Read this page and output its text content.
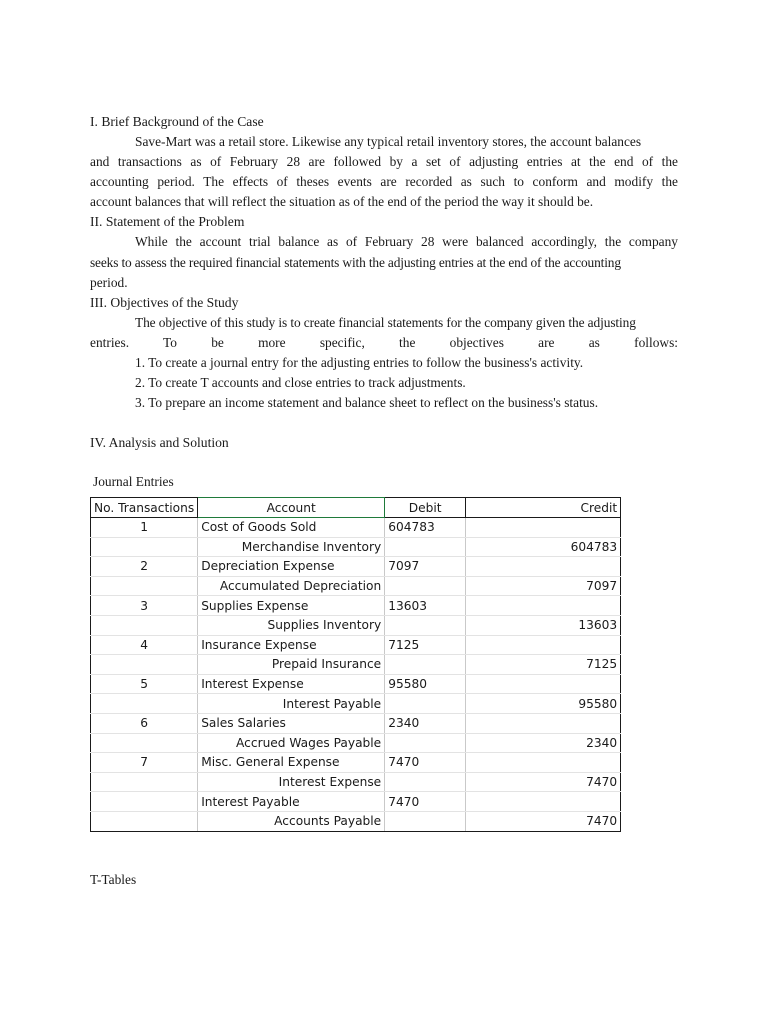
I. Brief Background of the Case
Save-Mart was a retail store. Likewise any typical retail inventory stores, the account balances
and transactions as of February 28 are followed by a set of adjusting entries at the end of the
accounting period. The effects of theses events are recorded as such to conform and modify the
account balances that will reflect the situation as of the end of the period the way it should be.
II. Statement of the Problem
While the account trial balance as of February 28 were balanced accordingly, the company
seeks to assess the required financial statements with the adjusting entries at the end of the accounting
period.
III. Objectives of the Study
The objective of this study is to create financial statements for the company given the adjusting
entries. To be more specific, the objectives are as follows:
1. To create a journal entry for the adjusting entries to follow the business's activity.
2. To create T accounts and close entries to track adjustments.
3. To prepare an income statement and balance sheet to reflect on the business's status.
IV. Analysis and Solution
Journal Entries
No. Transactions	Account	Debit	Credit
1	Cost of Goods Sold	604783	
	Merchandise Inventory		604783
2	Depreciation Expense	7097	
	Accumulated Depreciation		7097
3	Supplies Expense	13603	
	Supplies Inventory		13603
4	Insurance Expense	7125	
	Prepaid Insurance		7125
5	Interest Expense	95580	
	Interest Payable		95580
6	Sales Salaries	2340	
	Accrued Wages Payable		2340
7	Misc. General Expense	7470	
	Interest Expense		7470
	Interest Payable	7470	
	Accounts Payable		7470
T-Tables
